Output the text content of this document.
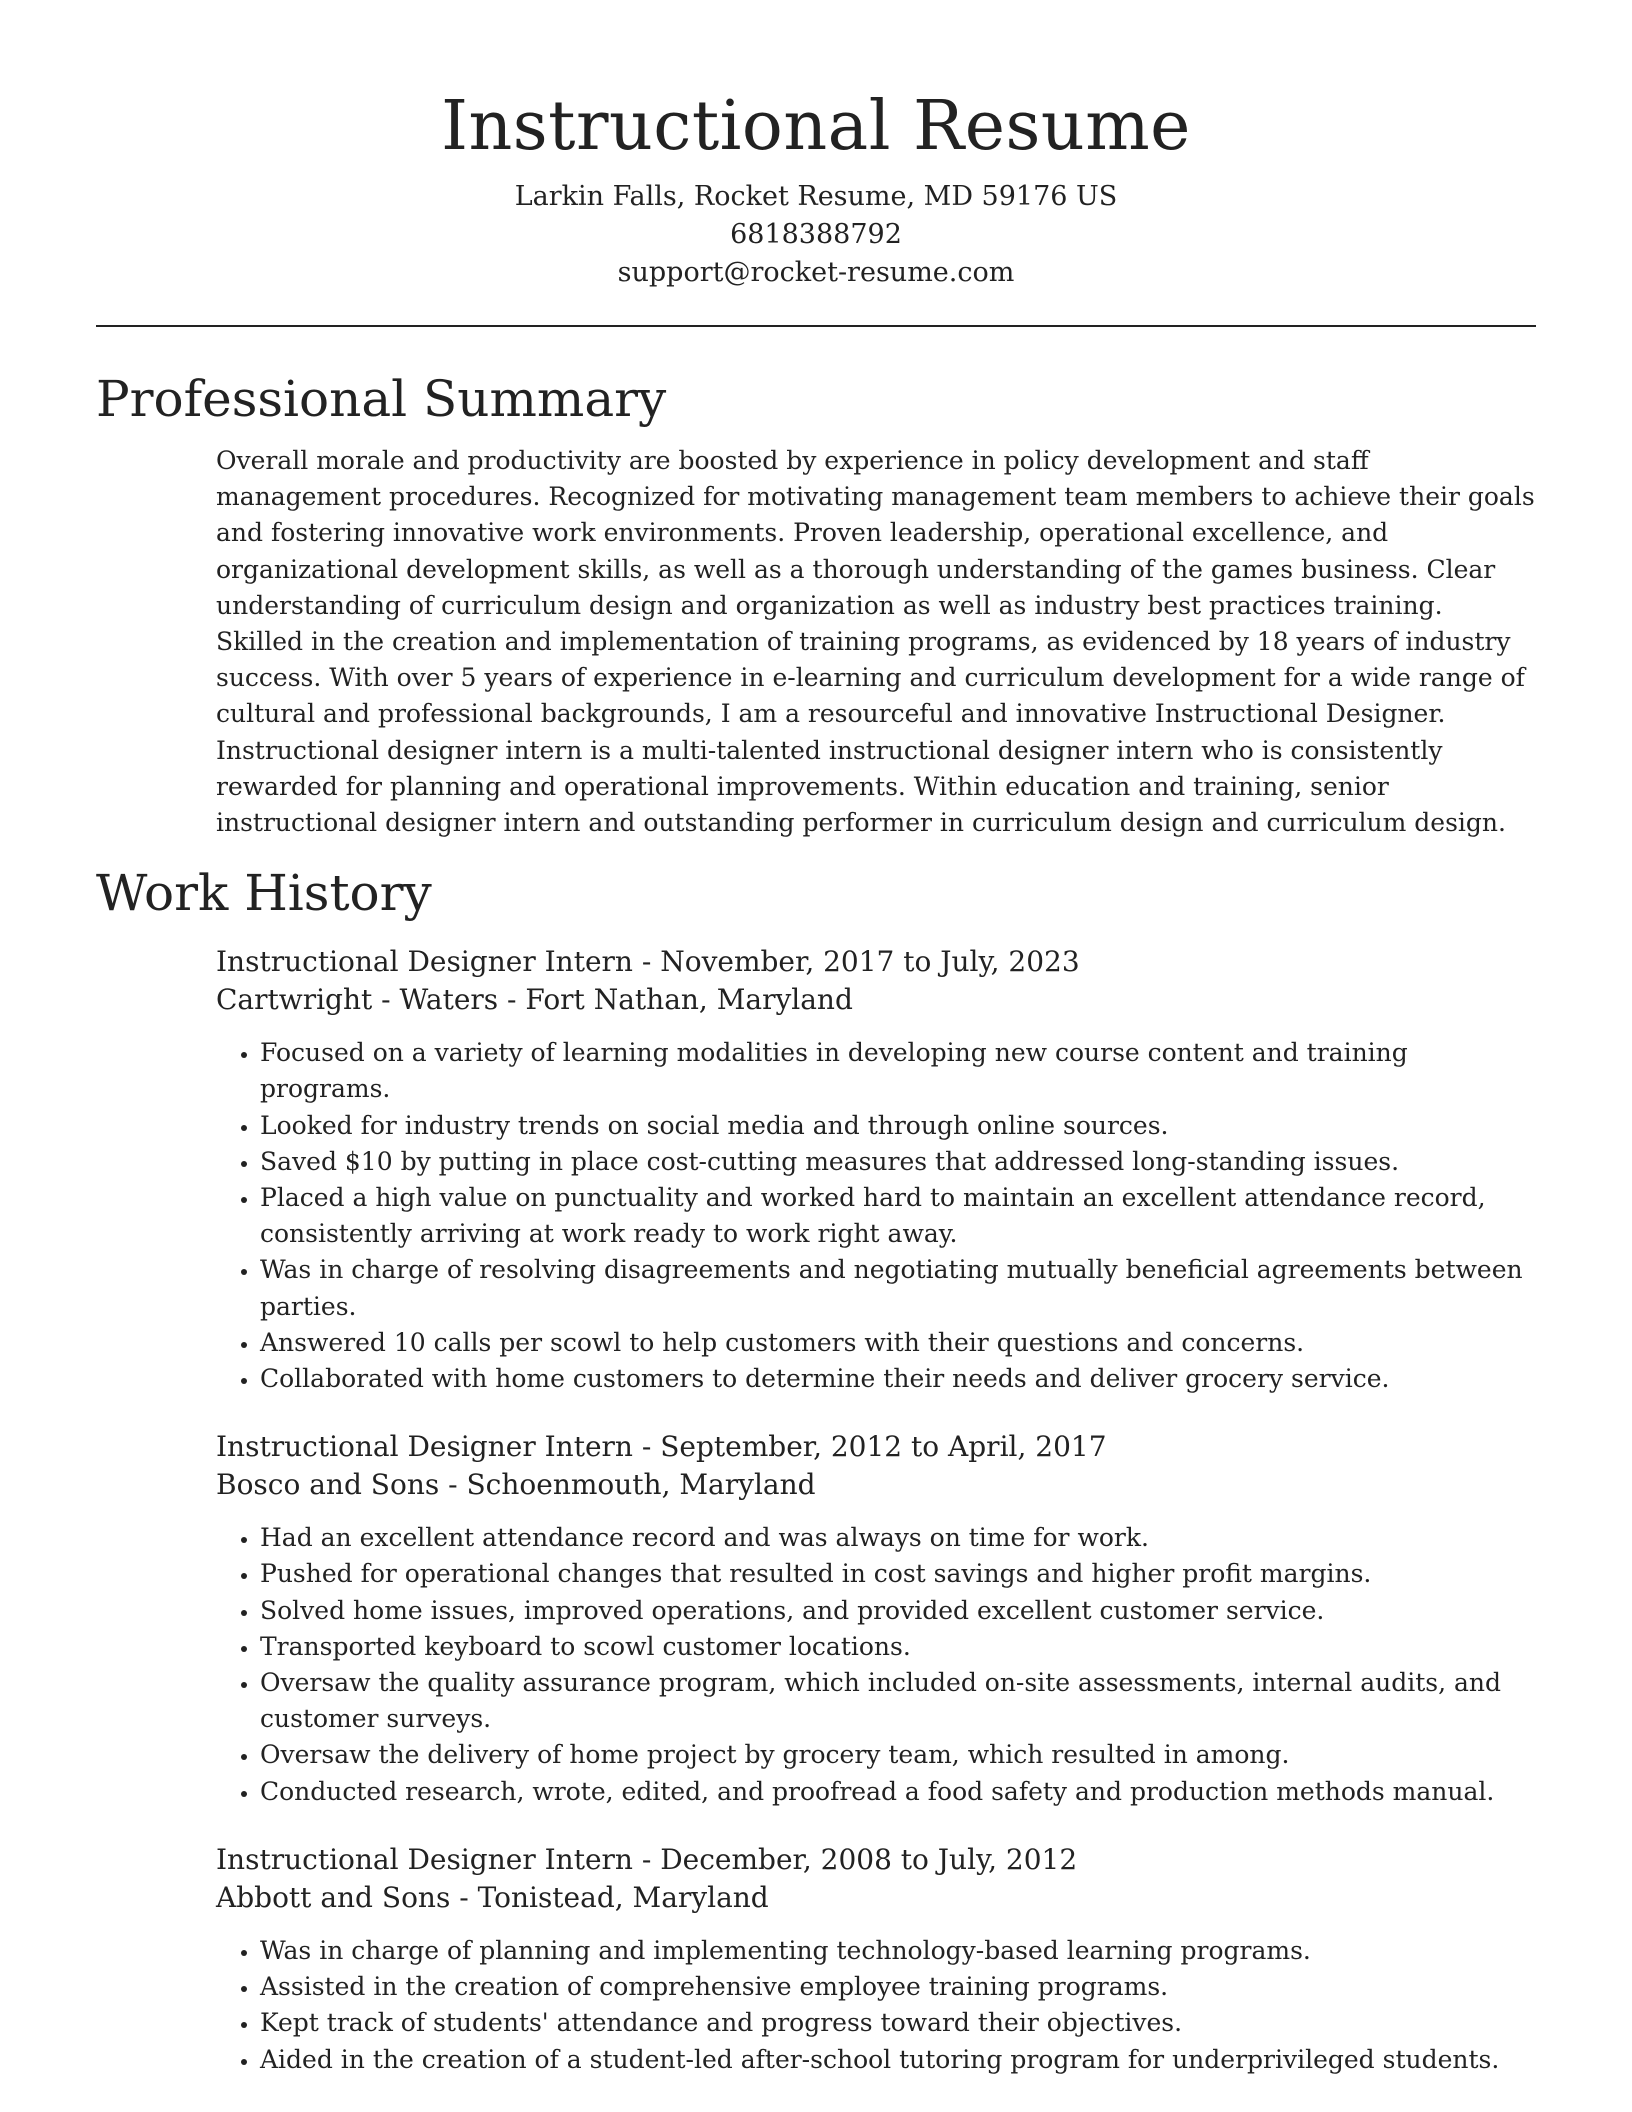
Instructional Resume

Larkin Falls, Rocket Resume, MD 59176 US

6818388792

support@rocket-resume.com

Professional Summary

Overall morale and productivity are boosted by experience in policy development and staff management procedures. Recognized for motivating management team members to achieve their goals and fostering innovative work environments. Proven leadership, operational excellence, and organizational development skills, as well as a thorough understanding of the games business. Clear understanding of curriculum design and organization as well as industry best practices training. Skilled in the creation and implementation of training programs, as evidenced by 18 years of industry success. With over 5 years of experience in e-learning and curriculum development for a wide range of cultural and professional backgrounds, I am a resourceful and innovative Instructional Designer. Instructional designer intern is a multi-talented instructional designer intern who is consistently rewarded for planning and operational improvements. Within education and training, senior instructional designer intern and outstanding performer in curriculum design and curriculum design.

Work History

Instructional Designer Intern - November, 2017 to July, 2023

Cartwright - Waters - Fort Nathan, Maryland

• Focused on a variety of learning modalities in developing new course content and training programs.
• Looked for industry trends on social media and through online sources.
• Saved $10 by putting in place cost-cutting measures that addressed long-standing issues.
• Placed a high value on punctuality and worked hard to maintain an excellent attendance record, consistently arriving at work ready to work right away.
• Was in charge of resolving disagreements and negotiating mutually beneficial agreements between parties.
• Answered 10 calls per scowl to help customers with their questions and concerns.
• Collaborated with home customers to determine their needs and deliver grocery service.

Instructional Designer Intern - September, 2012 to April, 2017

Bosco and Sons - Schoenmouth, Maryland

• Had an excellent attendance record and was always on time for work.
• Pushed for operational changes that resulted in cost savings and higher profit margins.
• Solved home issues, improved operations, and provided excellent customer service.
• Transported keyboard to scowl customer locations.
• Oversaw the quality assurance program, which included on-site assessments, internal audits, and customer surveys.
• Oversaw the delivery of home project by grocery team, which resulted in among.
• Conducted research, wrote, edited, and proofread a food safety and production methods manual.

Instructional Designer Intern - December, 2008 to July, 2012

Abbott and Sons - Tonistead, Maryland

• Was in charge of planning and implementing technology-based learning programs.
• Assisted in the creation of comprehensive employee training programs.
• Kept track of students' attendance and progress toward their objectives.
• Aided in the creation of a student-led after-school tutoring program for underprivileged students.
